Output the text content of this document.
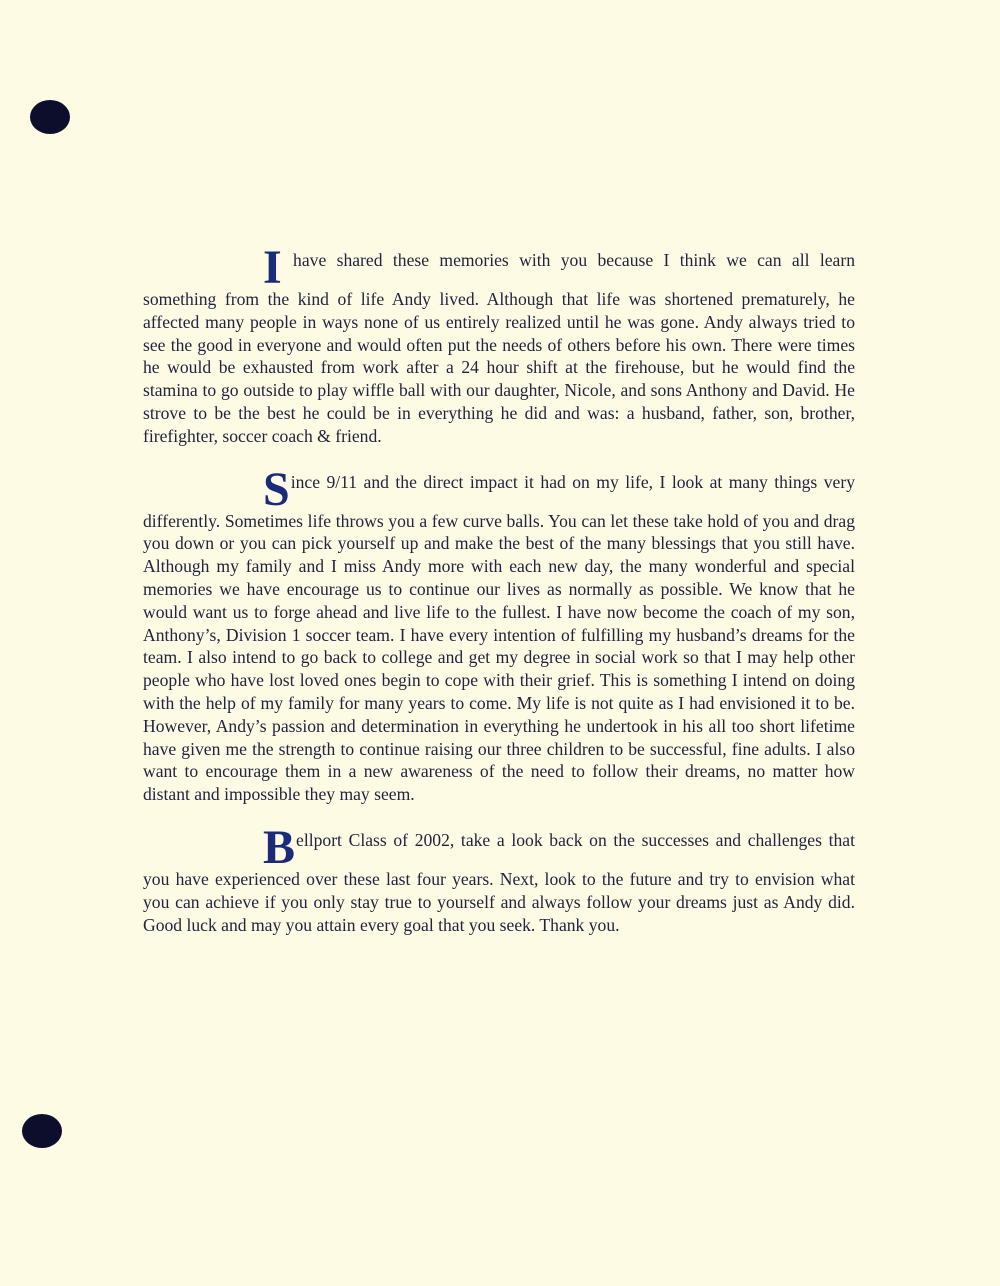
I have shared these memories with you because I think we can all learn something from the kind of life Andy lived. Although that life was shortened prematurely, he affected many people in ways none of us entirely realized until he was gone. Andy always tried to see the good in everyone and would often put the needs of others before his own. There were times he would be exhausted from work after a 24 hour shift at the firehouse, but he would find the stamina to go outside to play wiffle ball with our daughter, Nicole, and sons Anthony and David. He strove to be the best he could be in everything he did and was: a husband, father, son, brother, firefighter, soccer coach & friend.

Since 9/11 and the direct impact it had on my life, I look at many things very differently. Sometimes life throws you a few curve balls. You can let these take hold of you and drag you down or you can pick yourself up and make the best of the many blessings that you still have. Although my family and I miss Andy more with each new day, the many wonderful and special memories we have encourage us to continue our lives as normally as possible. We know that he would want us to forge ahead and live life to the fullest. I have now become the coach of my son, Anthony’s, Division 1 soccer team. I have every intention of fulfilling my husband’s dreams for the team. I also intend to go back to college and get my degree in social work so that I may help other people who have lost loved ones begin to cope with their grief. This is something I intend on doing with the help of my family for many years to come. My life is not quite as I had envisioned it to be. However, Andy’s passion and determination in everything he undertook in his all too short lifetime have given me the strength to continue raising our three children to be successful, fine adults. I also want to encourage them in a new awareness of the need to follow their dreams, no matter how distant and impossible they may seem.

Bellport Class of 2002, take a look back on the successes and challenges that you have experienced over these last four years. Next, look to the future and try to envision what you can achieve if you only stay true to yourself and always follow your dreams just as Andy did. Good luck and may you attain every goal that you seek. Thank you.
